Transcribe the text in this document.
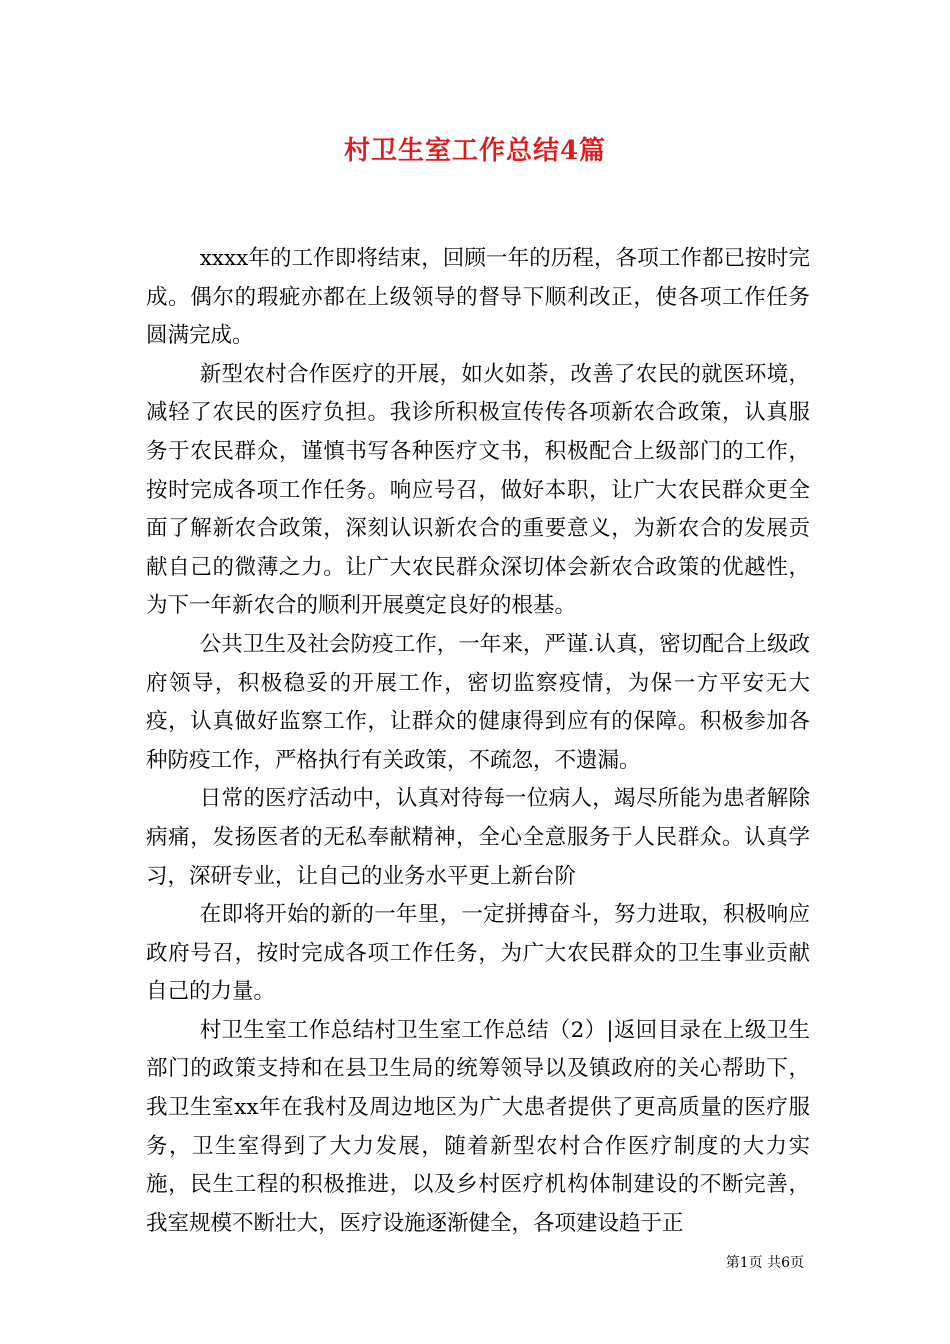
村卫生室工作总结4篇

xxxx年的工作即将结束，回顾一年的历程，各项工作都已按时完成。偶尔的瑕疵亦都在上级领导的督导下顺利改正，使各项工作任务圆满完成。

新型农村合作医疗的开展，如火如荼，改善了农民的就医环境，减轻了农民的医疗负担。我诊所积极宣传传各项新农合政策，认真服务于农民群众，谨慎书写各种医疗文书，积极配合上级部门的工作，按时完成各项工作任务。响应号召，做好本职，让广大农民群众更全面了解新农合政策，深刻认识新农合的重要意义，为新农合的发展贡献自己的微薄之力。让广大农民群众深切体会新农合政策的优越性，为下一年新农合的顺利开展奠定良好的根基。

公共卫生及社会防疫工作，一年来，严谨.认真，密切配合上级政府领导，积极稳妥的开展工作，密切监察疫情，为保一方平安无大疫，认真做好监察工作，让群众的健康得到应有的保障。积极参加各种防疫工作，严格执行有关政策，不疏忽，不遗漏。

日常的医疗活动中，认真对待每一位病人，竭尽所能为患者解除病痛，发扬医者的无私奉献精神，全心全意服务于人民群众。认真学习，深研专业，让自己的业务水平更上新台阶

在即将开始的新的一年里，一定拼搏奋斗，努力进取，积极响应政府号召，按时完成各项工作任务，为广大农民群众的卫生事业贡献自己的力量。

村卫生室工作总结村卫生室工作总结（2）|返回目录在上级卫生部门的政策支持和在县卫生局的统筹领导以及镇政府的关心帮助下，我卫生室xx年在我村及周边地区为广大患者提供了更高质量的医疗服务，卫生室得到了大力发展，随着新型农村合作医疗制度的大力实施，民生工程的积极推进，以及乡村医疗机构体制建设的不断完善，我室规模不断壮大，医疗设施逐渐健全，各项建设趋于正

第1页 共6页
